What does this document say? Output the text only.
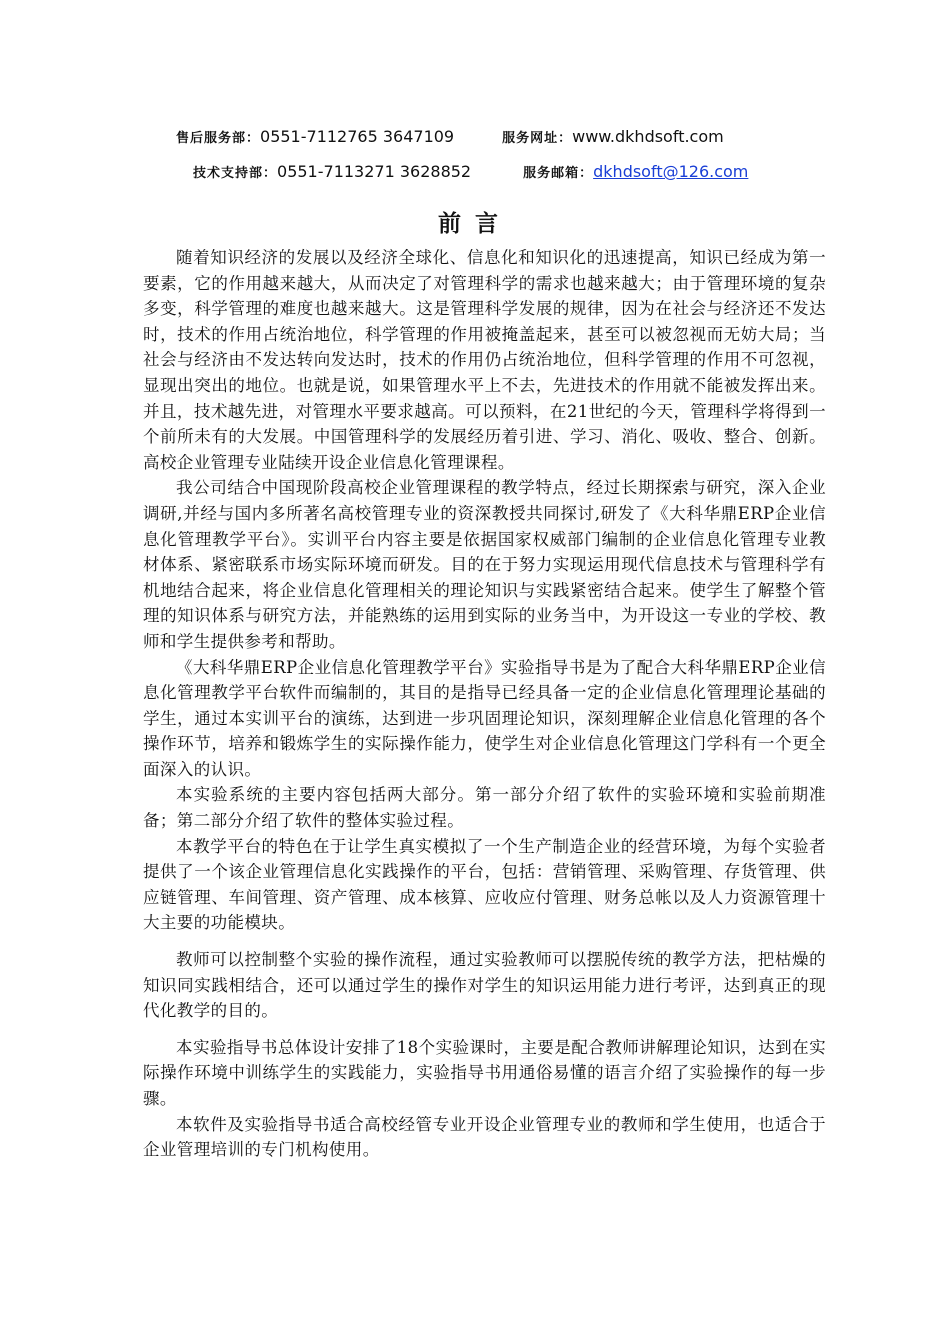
售后服务部：0551-7112765 3647109	服务网址：www.dkhdsoft.com
技术支持部：0551-7113271 3628852	服务邮箱：dkhdsoft@126.com
前言

随着知识经济的发展以及经济全球化、信息化和知识化的迅速提高，知识已经成为第一要素，它的作用越来越大，从而决定了对管理科学的需求也越来越大；由于管理环境的复杂多变，科学管理的难度也越来越大。这是管理科学发展的规律，因为在社会与经济还不发达时，技术的作用占统治地位，科学管理的作用被掩盖起来，甚至可以被忽视而无妨大局；当社会与经济由不发达转向发达时，技术的作用仍占统治地位，但科学管理的作用不可忽视，显现出突出的地位。也就是说，如果管理水平上不去，先进技术的作用就不能被发挥出来。并且，技术越先进，对管理水平要求越高。可以预料，在21世纪的今天，管理科学将得到一个前所未有的大发展。中国管理科学的发展经历着引进、学习、消化、吸收、整合、创新。高校企业管理专业陆续开设企业信息化管理课程。

我公司结合中国现阶段高校企业管理课程的教学特点，经过长期探索与研究，深入企业调研,并经与国内多所著名高校管理专业的资深教授共同探讨,研发了《大科华鼎ERP企业信息化管理教学平台》。实训平台内容主要是依据国家权威部门编制的企业信息化管理专业教材体系、紧密联系市场实际环境而研发。目的在于努力实现运用现代信息技术与管理科学有机地结合起来，将企业信息化管理相关的理论知识与实践紧密结合起来。使学生了解整个管理的知识体系与研究方法，并能熟练的运用到实际的业务当中，为开设这一专业的学校、教师和学生提供参考和帮助。

《大科华鼎ERP企业信息化管理教学平台》实验指导书是为了配合大科华鼎ERP企业信息化管理教学平台软件而编制的，其目的是指导已经具备一定的企业信息化管理理论基础的学生，通过本实训平台的演练，达到进一步巩固理论知识，深刻理解企业信息化管理的各个操作环节，培养和锻炼学生的实际操作能力，使学生对企业信息化管理这门学科有一个更全面深入的认识。

本实验系统的主要内容包括两大部分。第一部分介绍了软件的实验环境和实验前期准备；第二部分介绍了软件的整体实验过程。

本教学平台的特色在于让学生真实模拟了一个生产制造企业的经营环境，为每个实验者提供了一个该企业管理信息化实践操作的平台，包括：营销管理、采购管理、存货管理、供应链管理、车间管理、资产管理、成本核算、应收应付管理、财务总帐以及人力资源管理十大主要的功能模块。

教师可以控制整个实验的操作流程，通过实验教师可以摆脱传统的教学方法，把枯燥的知识同实践相结合，还可以通过学生的操作对学生的知识运用能力进行考评，达到真正的现代化教学的目的。

本实验指导书总体设计安排了18个实验课时，主要是配合教师讲解理论知识，达到在实际操作环境中训练学生的实践能力，实验指导书用通俗易懂的语言介绍了实验操作的每一步骤。

本软件及实验指导书适合高校经管专业开设企业管理专业的教师和学生使用，也适合于企业管理培训的专门机构使用。
